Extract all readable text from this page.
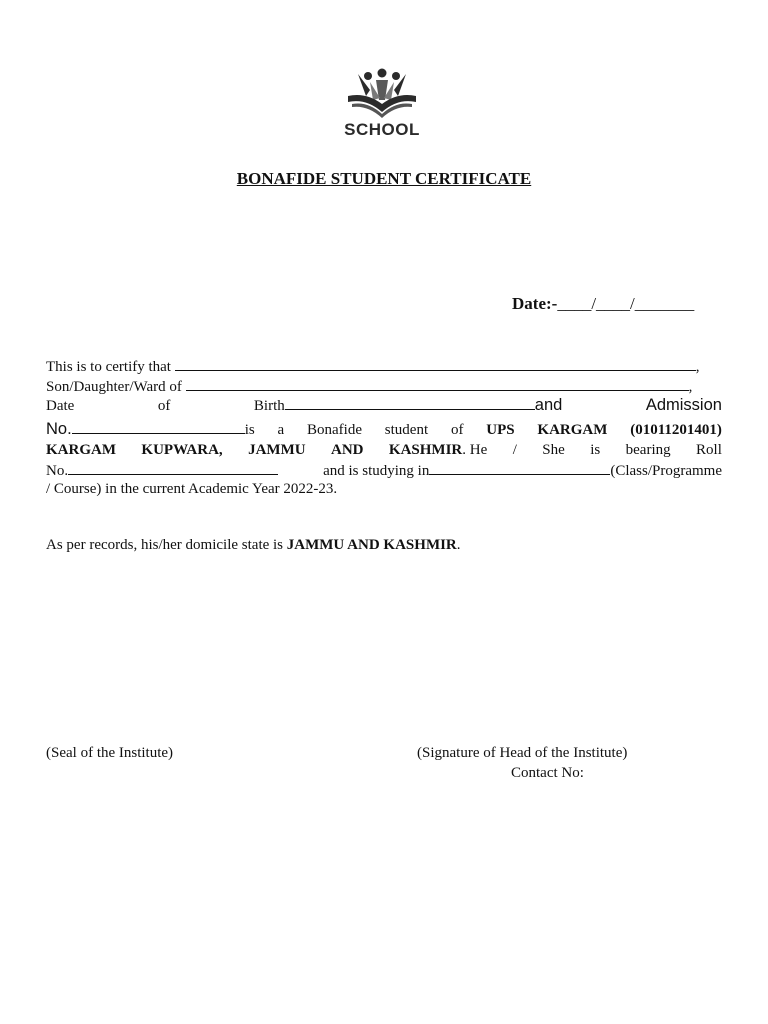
SCHOOL
BONAFIDE STUDENT CERTIFICATE
Date:-____/____/_______
This is to certify that	,
Son/Daughter/Ward of	,
Date	of	Birth	and	Admission
No.	is a Bonafide student of UPS KARGAM (01011201401)
KARGAM KUPWARA, JAMMU AND KASHMIR. He / She is bearing Roll
No.	and is studying in	(Class/Programme
/ Course) in the current Academic Year 2022-23.
As per records, his/her domicile state is JAMMU AND KASHMIR.
(Seal of the Institute)	(Signature of Head of the Institute)
Contact No:
